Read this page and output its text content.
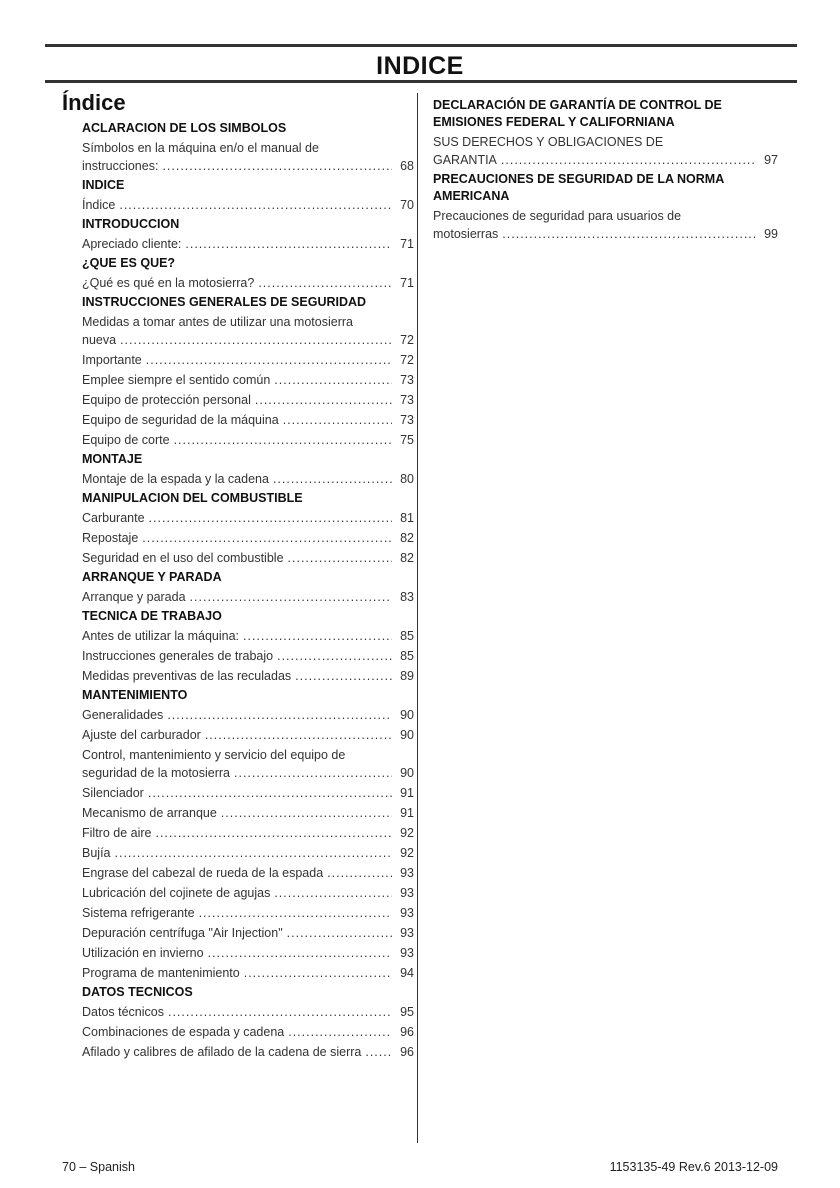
INDICE
Índice
ACLARACION DE LOS SIMBOLOS
Símbolos en la máquina en/o el manual de
instrucciones: .....	68
INDICE
Índice .....	70
INTRODUCCION
Apreciado cliente: .....	71
¿QUE ES QUE?
¿Qué es qué en la motosierra? .....	71
INSTRUCCIONES GENERALES DE SEGURIDAD
Medidas a tomar antes de utilizar una motosierra
nueva .....	72
Importante .....	72
Emplee siempre el sentido común .....	73
Equipo de protección personal .....	73
Equipo de seguridad de la máquina .....	73
Equipo de corte .....	75
MONTAJE
Montaje de la espada y la cadena .....	80
MANIPULACION DEL COMBUSTIBLE
Carburante .....	81
Repostaje .....	82
Seguridad en el uso del combustible .....	82
ARRANQUE Y PARADA
Arranque y parada .....	83
TECNICA DE TRABAJO
Antes de utilizar la máquina: .....	85
Instrucciones generales de trabajo .....	85
Medidas preventivas de las reculadas .....	89
MANTENIMIENTO
Generalidades .....	90
Ajuste del carburador .....	90
Control, mantenimiento y servicio del equipo de
seguridad de la motosierra .....	90
Silenciador .....	91
Mecanismo de arranque .....	91
Filtro de aire .....	92
Bujía .....	92
Engrase del cabezal de rueda de la espada .....	93
Lubricación del cojinete de agujas .....	93
Sistema refrigerante .....	93
Depuración centrífuga "Air Injection" .....	93
Utilización en invierno .....	93
Programa de mantenimiento .....	94
DATOS TECNICOS
Datos técnicos .....	95
Combinaciones de espada y cadena .....	96
Afilado y calibres de afilado de la cadena de sierra .....	96
DECLARACIÓN DE GARANTÍA DE CONTROL DE EMISIONES FEDERAL Y CALIFORNIANA
SUS DERECHOS Y OBLIGACIONES DE
GARANTIA .....	97
PRECAUCIONES DE SEGURIDAD DE LA NORMA AMERICANA
Precauciones de seguridad para usuarios de
motosierras .....	99
70 – Spanish	1153135-49 Rev.6 2013-12-09
